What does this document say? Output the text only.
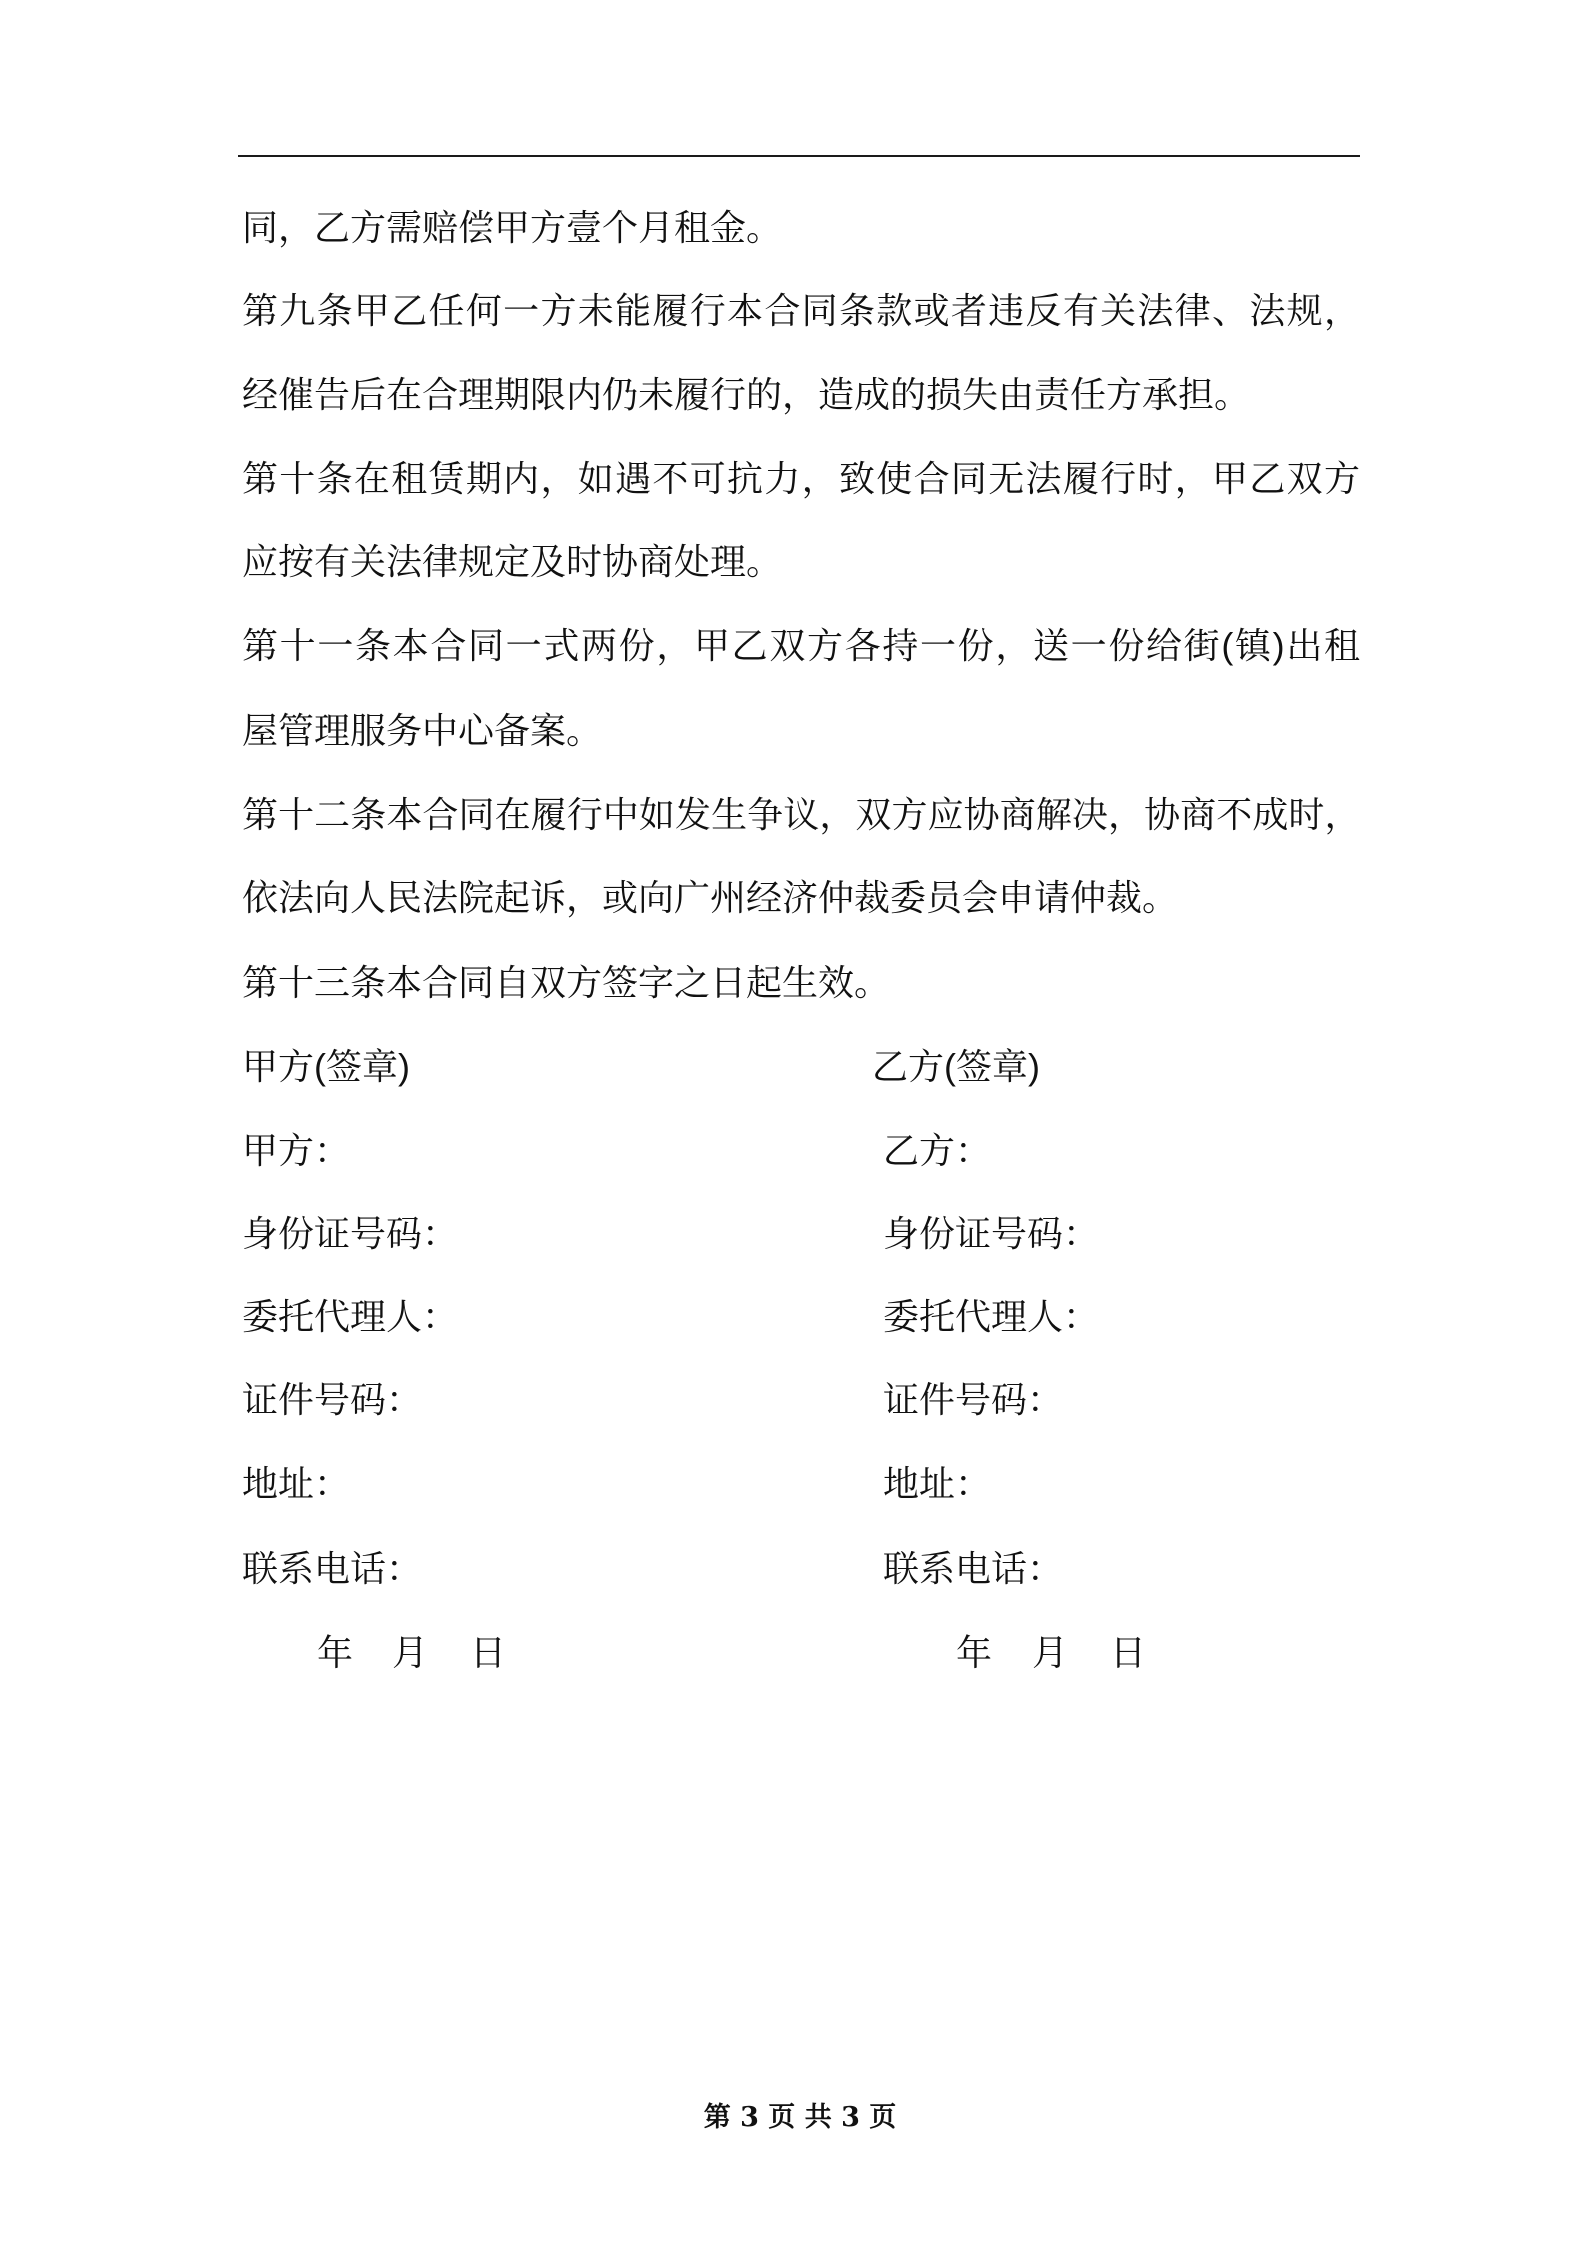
同，乙方需赔偿甲方壹个月租金。
第九条甲乙任何一方未能履行本合同条款或者违反有关法律、法规，
经催告后在合理期限内仍未履行的，造成的损失由责任方承担。
第十条在租赁期内，如遇不可抗力，致使合同无法履行时，甲乙双方
应按有关法律规定及时协商处理。
第十一条本合同一式两份，甲乙双方各持一份，送一份给街(镇)出租
屋管理服务中心备案。
第十二条本合同在履行中如发生争议，双方应协商解决，协商不成时，
依法向人民法院起诉，或向广州经济仲裁委员会申请仲裁。
第十三条本合同自双方签字之日起生效。
甲方(签章)
甲方：
身份证号码：
委托代理人：
证件号码：
地址：
联系电话：
年 月 日
乙方(签章)
乙方：
身份证号码：
委托代理人：
证件号码：
地址：
联系电话：
年 月 日
第 3 页 共 3 页
